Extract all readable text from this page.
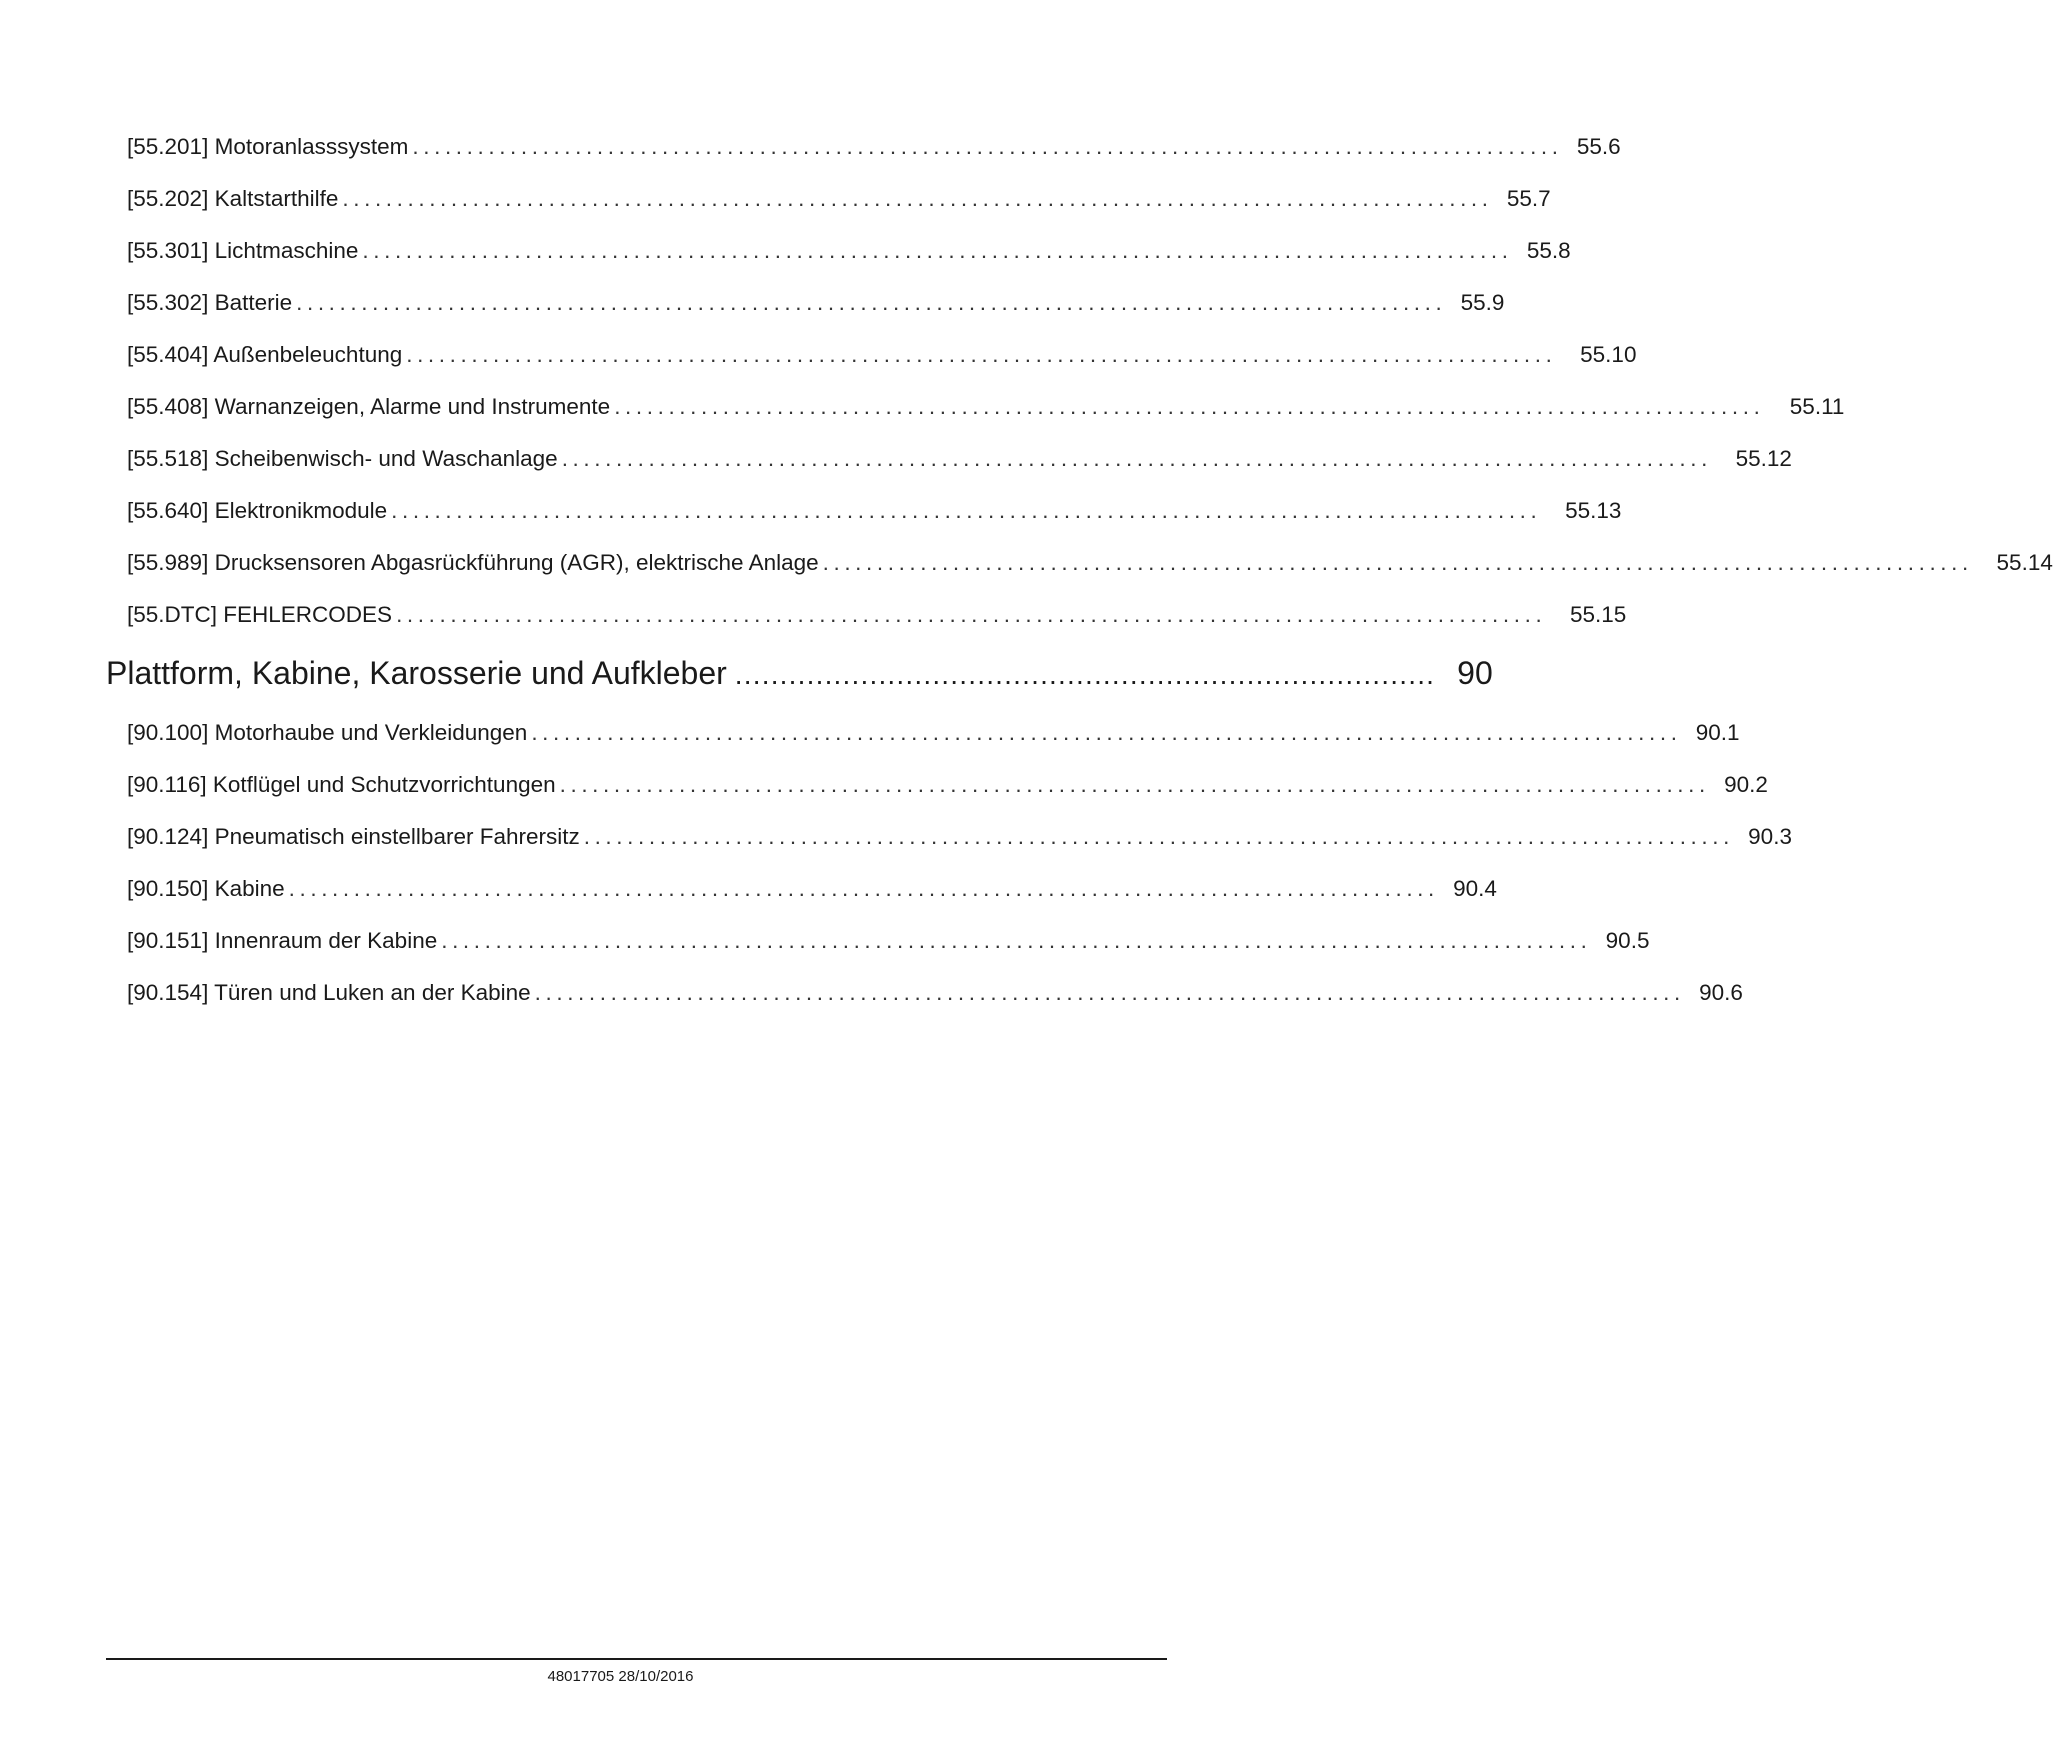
[55.201] Motoranlasssystem .......................................................................................................... 55.6
[55.202] Kaltstarthilfe .......................................................................................................... 55.7
[55.301] Lichtmaschine .......................................................................................................... 55.8
[55.302] Batterie .......................................................................................................... 55.9
[55.404] Außenbeleuchtung .......................................................................................................... 55.10
[55.408] Warnanzeigen, Alarme und Instrumente ..........................................................................................................	55.11
[55.518] Scheibenwisch- und Waschanlage .......................................................................................................... 55.12
[55.640] Elektronikmodule .......................................................................................................... 55.13
[55.989] Drucksensoren Abgasrückführung (AGR), elektrische Anlage .......................................................................................................... 55.14
[55.DTC] FEHLERCODES .......................................................................................................... 55.15
Plattform, Kabine, Karosserie und Aufkleber .............................................................................. 90
[90.100] Motorhaube und Verkleidungen .......................................................................................................... 90.1
[90.116] Kotflügel und Schutzvorrichtungen .......................................................................................................... 90.2
[90.124] Pneumatisch einstellbarer Fahrersitz .......................................................................................................... 90.3
[90.150] Kabine .......................................................................................................... 90.4
[90.151] Innenraum der Kabine .......................................................................................................... 90.5
[90.154] Türen und Luken an der Kabine .......................................................................................................... 90.6
48017705 28/10/2016
